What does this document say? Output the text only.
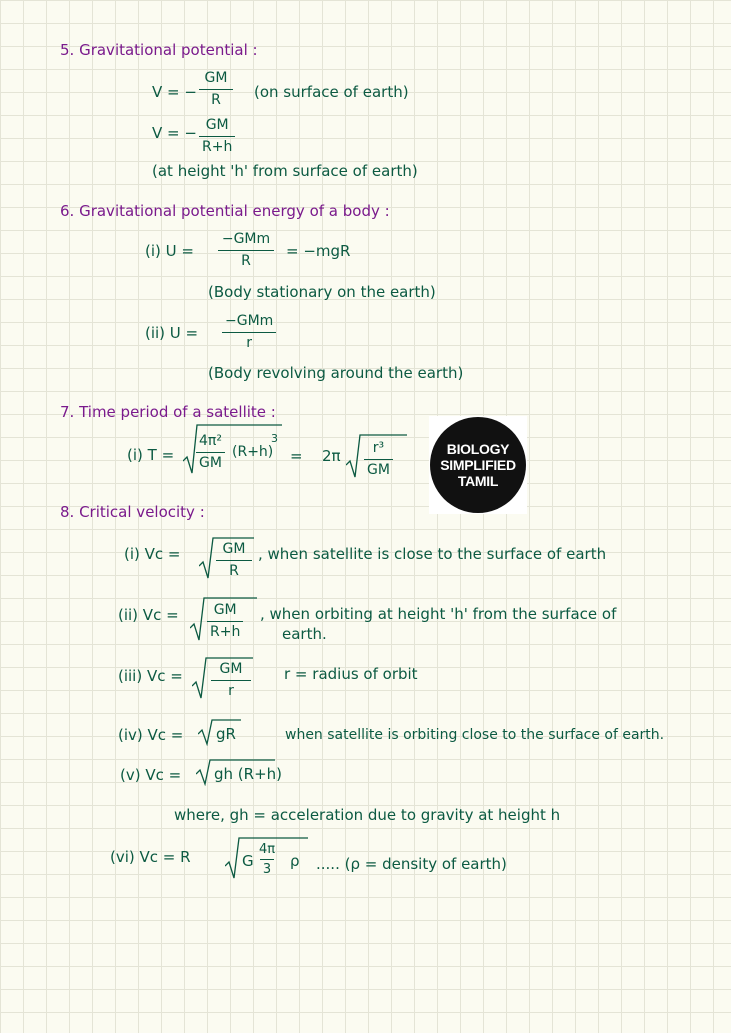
5. Gravitational potential :
V = − $\frac{GM}{R} (on$ surface of earth)
V = − $\frac{GM}{R+h}$
(at height 'h' from surface of earth)
6. Gravitational potential energy of a body :
(i) U =
−GMm
R
= −mgR
(Body stationary on the earth)
(ii) U =
−GMm
r
(Body revolving around the earth)
7. Time period of a satellite :
(i) $T = \frac{\text{4π²}}{GM} (R+h)$
3
= $2\pi \frac{\text{r³}}{GM}$	BIOLOGY
SIMPLIFIED
TAMIL
8. Critical velocity :
(i) Vc =	$\frac{GM}{R}$ , when satellite is close to the surface of earth
(ii) $Vc = \frac{GM}{R+h}$ , when orbiting at height 'h' from the surface of
earth.
(iii) $Vc = \frac{GM}{r}$ r = radius of orbit
(iv) Vc = gR	when satellite is orbiting close to the surface of earth.
(v) Vc = gh (R+h)
where, gh = acceleration due to gravity at height h
(vi) Vc = R	G $\frac{4\pi}{3}$ ρ ..... (ρ = density of earth)
